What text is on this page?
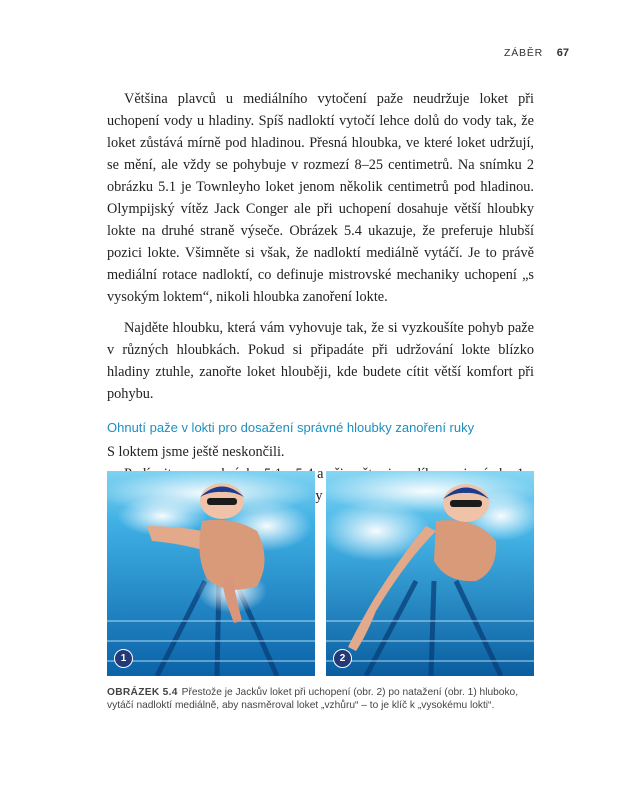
ZÁBĚR 67

Většina plavců u mediálního vytočení paže neudržuje loket při uchopení vody u hladiny. Spíš nadloktí vytočí lehce dolů do vody tak, že loket zůstává mírně pod hladinou. Přesná hloubka, ve které loket udržují, se mění, ale vždy se pohybuje v rozmezí 8–25 centimetrů. Na snímku 2 obrázku 5.1 je Townleyho loket jenom několik centimetrů pod hladinou. Olympijský vítěz Jack Conger ale při uchopení dosahuje větší hloubky lokte na druhé straně výseče. Obrázek 5.4 ukazuje, že preferuje hlubší pozici lokte. Všimněte si však, že nadloktí mediálně vytáčí. Je to právě mediální rotace nadloktí, co definuje mistrovské mechaniky uchopení „s vysokým loktem“, nikoli hloubka zanoření lokte.

Najděte hloubku, která vám vyhovuje tak, že si vyzkoušíte pohyb paže v různých hloubkách. Pokud si připadáte při udržování lokte blízko hladiny ztuhle, zanořte loket hlouběji, kde budete cítit větší komfort při pohybu.

Ohnutí paže v lokti pro dosažení správné hloubky zanoření ruky

S loktem jsme ještě neskončili.

a

1	2
OBRÁZEK 5.4 Přestože je Jackův loket při uchopení (obr. 2) po natažení (obr. 1) hluboko, vytáčí nadloktí mediálně, aby nasměroval loket „vzhůru“ – to je klíč k „vysokému lokti“.
